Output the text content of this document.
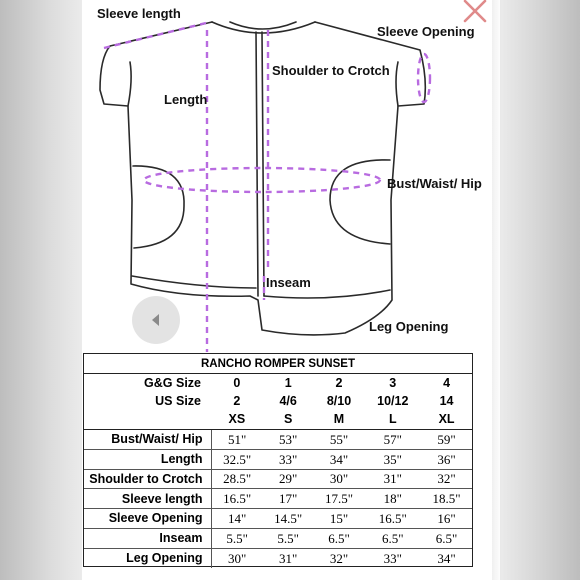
Sleeve length
Sleeve Opening
Shoulder to Crotch
Length
Bust/Waist/ Hip
Inseam
Leg Opening
RANCHO ROMPER SUNSET					
G&G Size	0	1	2	3	4
US Size	2	4/6	8/10	10/12	14
	XS	S	M	L	XL
Bust/Waist/ Hip	51"	53"	55"	57"	59"
Length	32.5"	33"	34"	35"	36"
Shoulder to Crotch	28.5"	29"	30"	31"	32"
Sleeve length	16.5"	17"	17.5"	18"	18.5"
Sleeve Opening	14"	14.5"	15"	16.5"	16"
Inseam	5.5"	5.5"	6.5"	6.5"	6.5"
Leg Opening	30"	31"	32"	33"	34"
